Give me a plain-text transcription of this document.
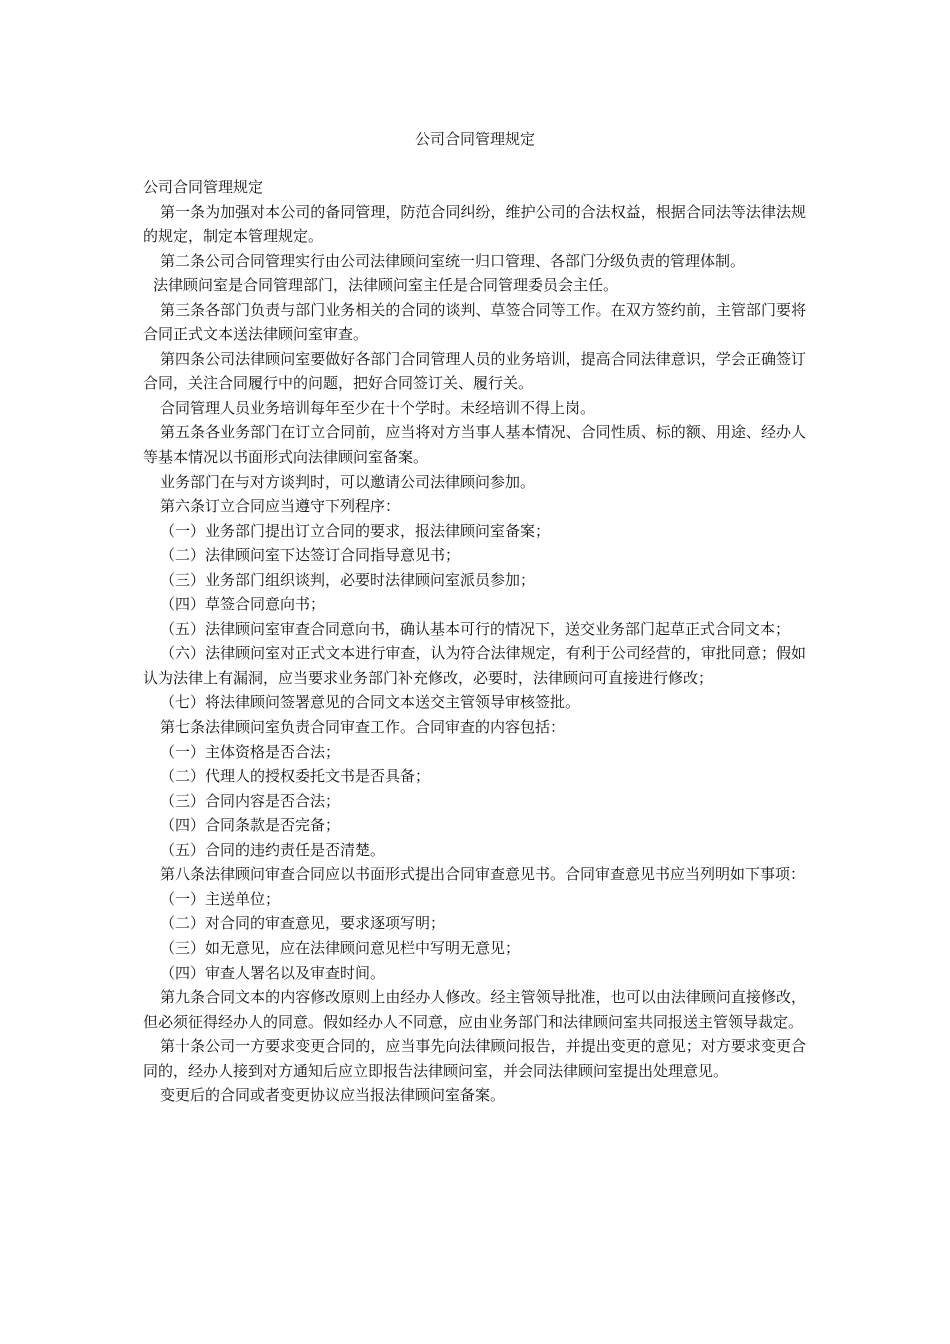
公司合同管理规定

公司合同管理规定

第一条为加强对本公司的备同管理，防范合同纠纷，维护公司的合法权益，根据合同法等法律法规的规定，制定本管理规定。

第二条公司合同管理实行由公司法律顾问室统一归口管理、各部门分级负责的管理体制。

法律顾问室是合同管理部门，法律顾问室主任是合同管理委员会主任。

第三条各部门负责与部门业务相关的合同的谈判、草签合同等工作。在双方签约前，主管部门要将合同正式文本送法律顾问室审查。

第四条公司法律顾问室要做好各部门合同管理人员的业务培训，提高合同法律意识，学会正确签订合同，关注合同履行中的问题，把好合同签订关、履行关。

合同管理人员业务培训每年至少在十个学时。未经培训不得上岗。

第五条各业务部门在订立合同前，应当将对方当事人基本情况、合同性质、标的额、用途、经办人等基本情况以书面形式向法律顾问室备案。

业务部门在与对方谈判时，可以邀请公司法律顾问参加。

第六条订立合同应当遵守下列程序：

（一）业务部门提出订立合同的要求，报法律顾问室备案；

（二）法律顾问室下达签订合同指导意见书；

（三）业务部门组织谈判，必要时法律顾问室派员参加；

（四）草签合同意向书；

（五）法律顾问室审查合同意向书，确认基本可行的情况下，送交业务部门起草正式合同文本；

（六）法律顾问室对正式文本进行审查，认为符合法律规定，有利于公司经营的，审批同意；假如认为法律上有漏洞，应当要求业务部门补充修改，必要时，法律顾问可直接进行修改；

（七）将法律顾问签署意见的合同文本送交主管领导审核签批。

第七条法律顾问室负责合同审查工作。合同审查的内容包括：

（一）主体资格是否合法；

（二）代理人的授权委托文书是否具备；

（三）合同内容是否合法；

（四）合同条款是否完备；

（五）合同的违约责任是否清楚。

第八条法律顾问审查合同应以书面形式提出合同审查意见书。合同审查意见书应当列明如下事项：

（一）主送单位；

（二）对合同的审查意见，要求逐项写明；

（三）如无意见，应在法律顾问意见栏中写明无意见；

（四）审查人署名以及审查时间。

第九条合同文本的内容修改原则上由经办人修改。经主管领导批准，也可以由法律顾问直接修改，但必须征得经办人的同意。假如经办人不同意，应由业务部门和法律顾问室共同报送主管领导裁定。

第十条公司一方要求变更合同的，应当事先向法律顾问报告，并提出变更的意见；对方要求变更合同的，经办人接到对方通知后应立即报告法律顾问室，并会同法律顾问室提出处理意见。

变更后的合同或者变更协议应当报法律顾问室备案。
